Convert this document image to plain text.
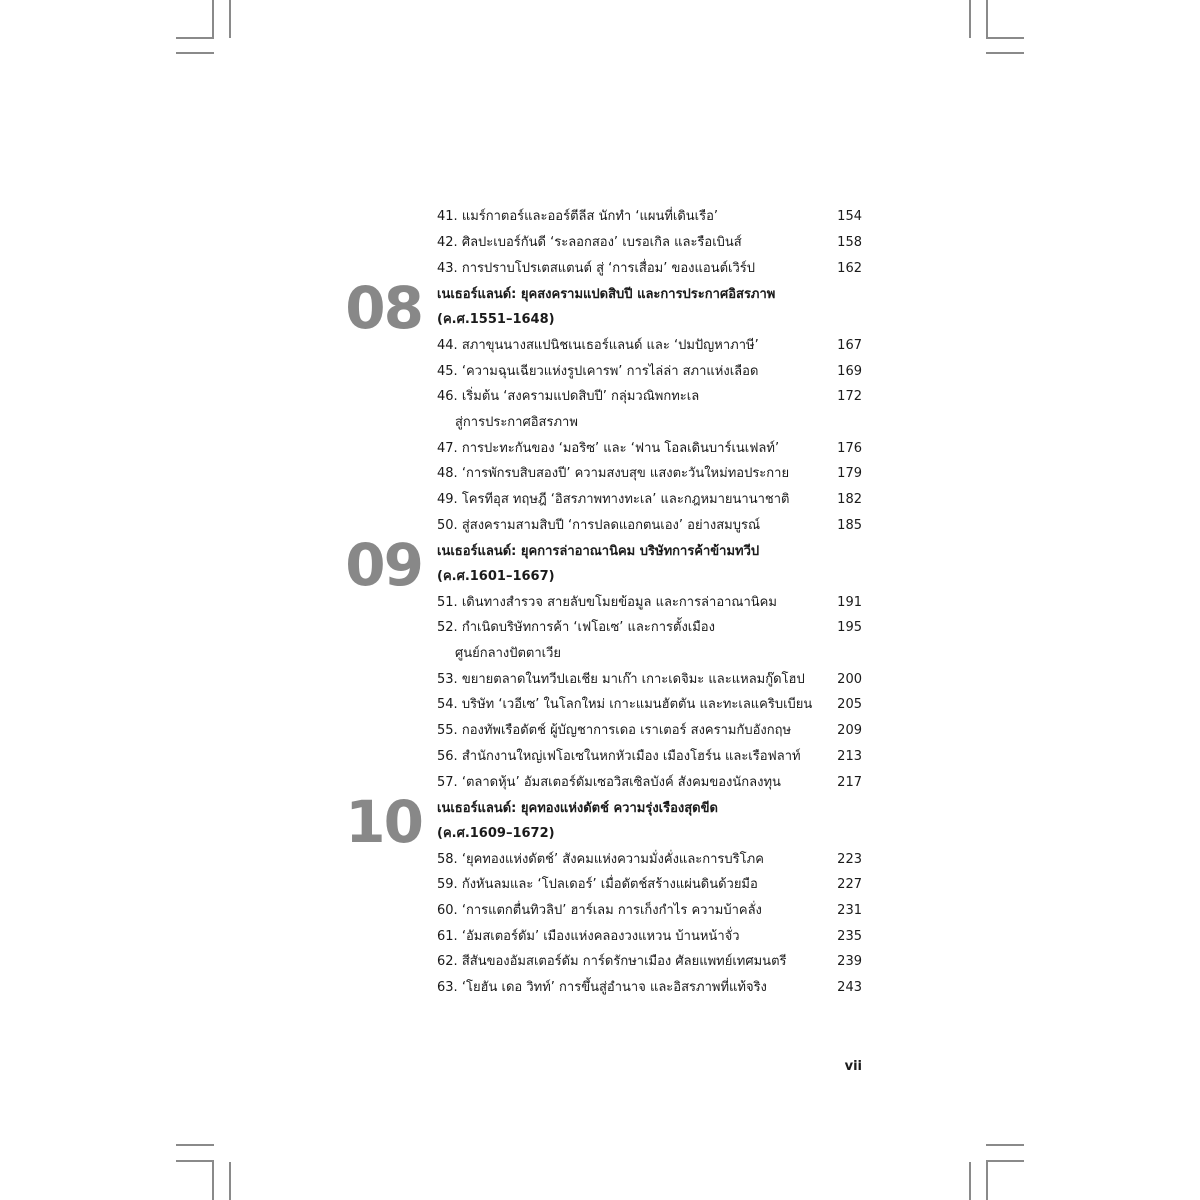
41. แมร์กาตอร์และออร์ตีลีส นักทำ ‘แผนที่เดินเรือ’	154
42. ศิลปะเบอร์กันดี ‘ระลอกสอง’ เบรอเกิล และรือเบินส์	158
43. การปราบโปรเตสแตนต์ สู่ ‘การเสื่อม’ ของแอนต์เวิร์ป	162
08 เนเธอร์แลนด์: ยุคสงครามแปดสิบปี และการประกาศอิสรภาพ
(ค.ศ.1551–1648)
44. สภาขุนนางสแปนิชเนเธอร์แลนด์ และ ‘ปมปัญหาภาษี’	167
45. ‘ความฉุนเฉียวแห่งรูปเคารพ’ การไล่ล่า สภาแห่งเลือด	169
46. เริ่มต้น ‘สงครามแปดสิบปี’ กลุ่มวณิพกทะเล	172
สู่การประกาศอิสรภาพ
47. การปะทะกันของ ‘มอริซ’ และ ‘ฟาน โอลเดินบาร์เนเฟลท์’	176
48. ‘การพักรบสิบสองปี’ ความสงบสุข แสงตะวันใหม่ทอประกาย	179
49. โครทีอุส ทฤษฎี ‘อิสรภาพทางทะเล’ และกฎหมายนานาชาติ	182
50. สู่สงครามสามสิบปี ‘การปลดแอกตนเอง’ อย่างสมบูรณ์	185
09 เนเธอร์แลนด์: ยุคการล่าอาณานิคม บริษัทการค้าข้ามทวีป
(ค.ศ.1601–1667)
51. เดินทางสำรวจ สายลับขโมยข้อมูล และการล่าอาณานิคม	191
52. กำเนิดบริษัทการค้า ‘เฟโอเซ’ และการตั้งเมือง	195
ศูนย์กลางปัตตาเวีย
53. ขยายตลาดในทวีปเอเชีย มาเก๊า เกาะเดจิมะ และแหลมกู๊ดโฮป 200
54. บริษัท ‘เวอีเซ’ ในโลกใหม่ เกาะแมนฮัตตัน และทะเลแคริบเบียน 205
55. กองทัพเรือดัตช์ ผู้บัญชาการเดอ เราเตอร์ สงครามกับอังกฤษ	209
56. สำนักงานใหญ่เฟโอเซในหกหัวเมือง เมืองโฮร์น และเรือฟลาท์	213
57. ‘ตลาดหุ้น’ อัมสเตอร์ดัมเซอวิสเซิลบังค์ สังคมของนักลงทุน	217
10 เนเธอร์แลนด์: ยุคทองแห่งดัตช์ ความรุ่งเรืองสุดขีด
(ค.ศ.1609–1672)
58. ‘ยุคทองแห่งดัตช์’ สังคมแห่งความมั่งคั่งและการบริโภค	223
59. กังหันลมและ ‘โปลเดอร์’ เมื่อดัตช์สร้างแผ่นดินด้วยมือ	227
60. ‘การแตกตื่นทิวลิป’ ฮาร์เลม การเก็งกำไร ความบ้าคลั่ง	231
61. ‘อัมสเตอร์ดัม’ เมืองแห่งคลองวงแหวน บ้านหน้าจั่ว	235
62. สีสันของอัมสเตอร์ดัม การ์ดรักษาเมือง ศัลยแพทย์เทศมนตรี	239
63. ‘โยฮัน เดอ วิทท์’ การขึ้นสู่อำนาจ และอิสรภาพที่แท้จริง	243
vii
